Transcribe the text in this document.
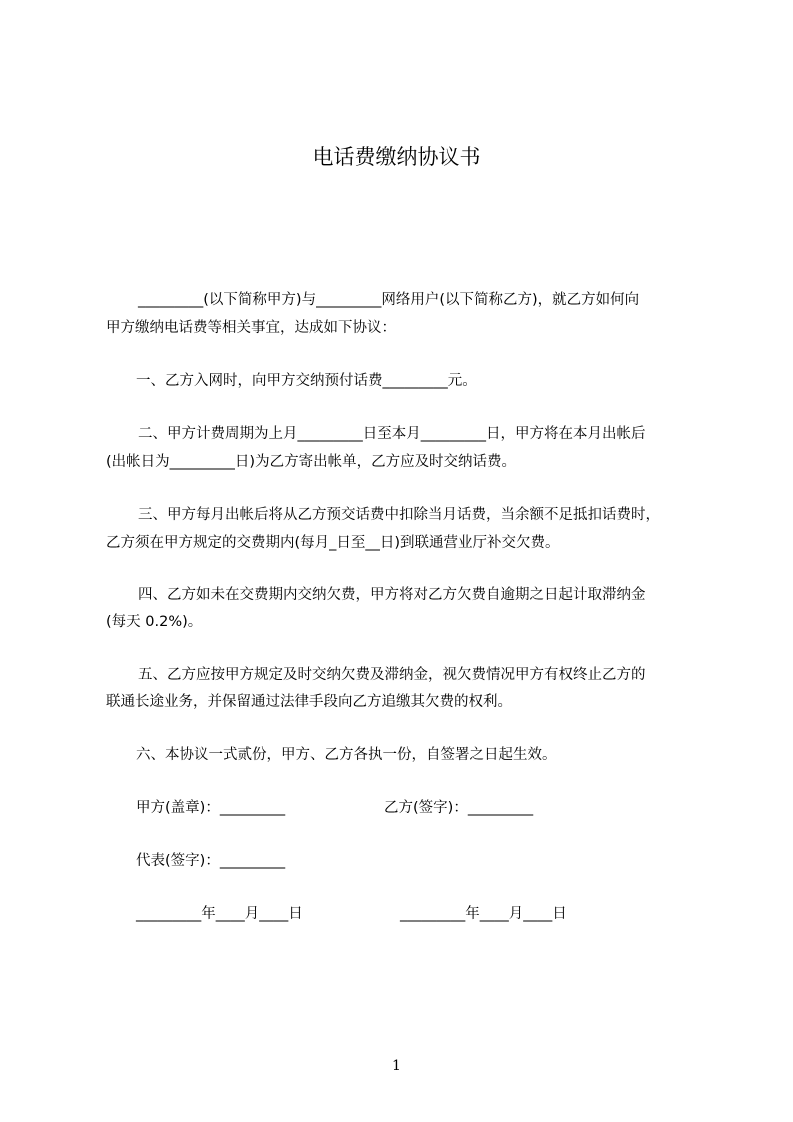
电话费缴纳协议书
_________(以下简称甲方)与_________网络用户(以下简称乙方)，就乙方如何向
甲方缴纳电话费等相关事宜，达成如下协议：
一、乙方入网时，向甲方交纳预付话费_________元。
二、甲方计费周期为上月_________日至本月_________日，甲方将在本月出帐后
(出帐日为_________日)为乙方寄出帐单，乙方应及时交纳话费。
三、甲方每月出帐后将从乙方预交话费中扣除当月话费，当余额不足抵扣话费时，
乙方须在甲方规定的交费期内(每月_日至__日)到联通营业厅补交欠费。
四、乙方如未在交费期内交纳欠费，甲方将对乙方欠费自逾期之日起计取滞纳金
(每天 0.2%)。
五、乙方应按甲方规定及时交纳欠费及滞纳金，视欠费情况甲方有权终止乙方的
联通长途业务，并保留通过法律手段向乙方追缴其欠费的权利。
六、本协议一式贰份，甲方、乙方各执一份，自签署之日起生效。
甲方(盖章)：_________	乙方(签字)：_________
代表(签字)：_________
_________年____月____日	_________年____月____日
1
